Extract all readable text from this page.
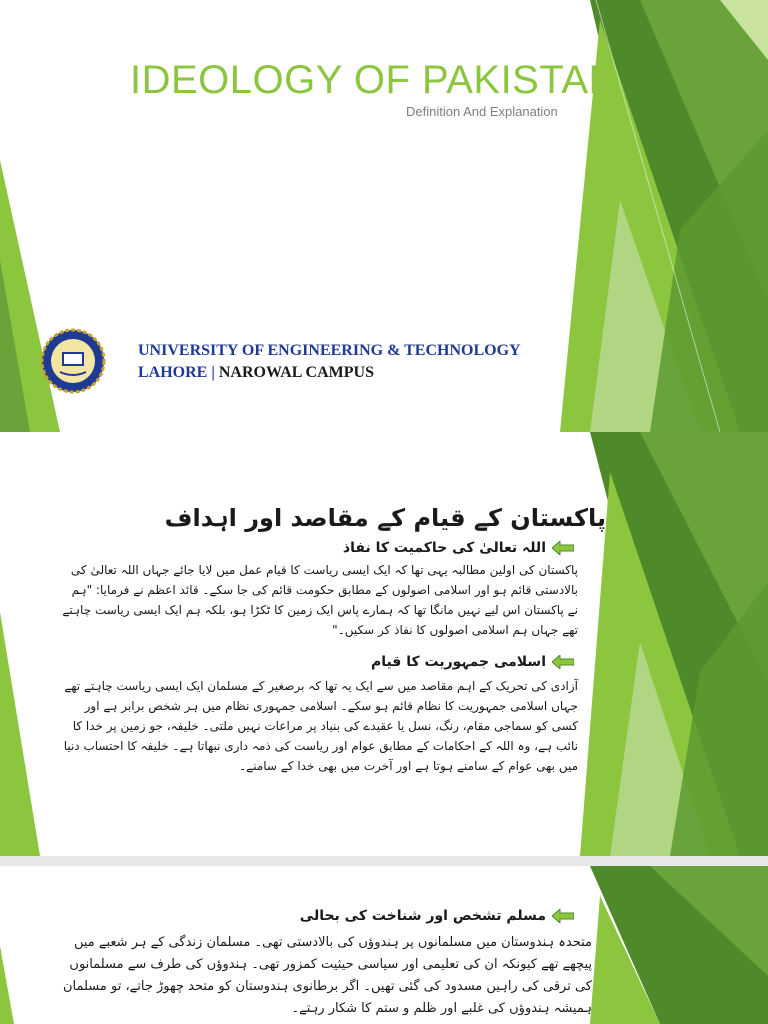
IDEOLOGY OF PAKISTAN
Definition And Explanation
UNIVERSITY OF ENGINEERING & TECHNOLOGY
LAHORE | NAROWAL CAMPUS
پاکستان کے قیام کے مقاصد اور اہداف
اللہ تعالیٰ کی حاکمیت کا نفاذ

پاکستان کی اولین مطالبہ یہی تھا کہ ایک ایسی ریاست کا قیام عمل میں لایا جائے جہاں اللہ تعالیٰ کی بالادستی قائم ہو اور اسلامی اصولوں کے مطابق حکومت قائم کی جا سکے۔ قائد اعظم نے فرمایا: "ہم نے پاکستان اس لیے نہیں مانگا تھا کہ ہمارے پاس ایک زمین کا ٹکڑا ہو، بلکہ ہم ایک ایسی ریاست چاہتے تھے جہاں ہم اسلامی اصولوں کا نفاذ کر سکیں۔"

اسلامی جمہوریت کا قیام

آزادی کی تحریک کے اہم مقاصد میں سے ایک یہ تھا کہ برصغیر کے مسلمان ایک ایسی ریاست چاہتے تھے جہاں اسلامی جمہوریت کا نظام قائم ہو سکے۔ اسلامی جمہوری نظام میں ہر شخص برابر ہے اور کسی کو سماجی مقام، رنگ، نسل یا عقیدے کی بنیاد پر مراعات نہیں ملتی۔ خلیفہ، جو زمین پر خدا کا نائب ہے، وہ اللہ کے احکامات کے مطابق عوام اور ریاست کی ذمہ داری نبھاتا ہے۔ خلیفہ کا احتساب دنیا میں بھی عوام کے سامنے ہوتا ہے اور آخرت میں بھی خدا کے سامنے۔

مسلم تشخص اور شناخت کی بحالی

متحدہ ہندوستان میں مسلمانوں پر ہندوؤں کی بالادستی تھی۔ مسلمان زندگی کے ہر شعبے میں پیچھے تھے کیونکہ ان کی تعلیمی اور سیاسی حیثیت کمزور تھی۔ ہندوؤں کی طرف سے مسلمانوں کی ترقی کی راہیں مسدود کی گئی تھیں۔ اگر برطانوی ہندوستان کو متحد چھوڑ جاتے، تو مسلمان ہمیشہ ہندوؤں کی غلبے اور ظلم و ستم کا شکار رہتے۔
